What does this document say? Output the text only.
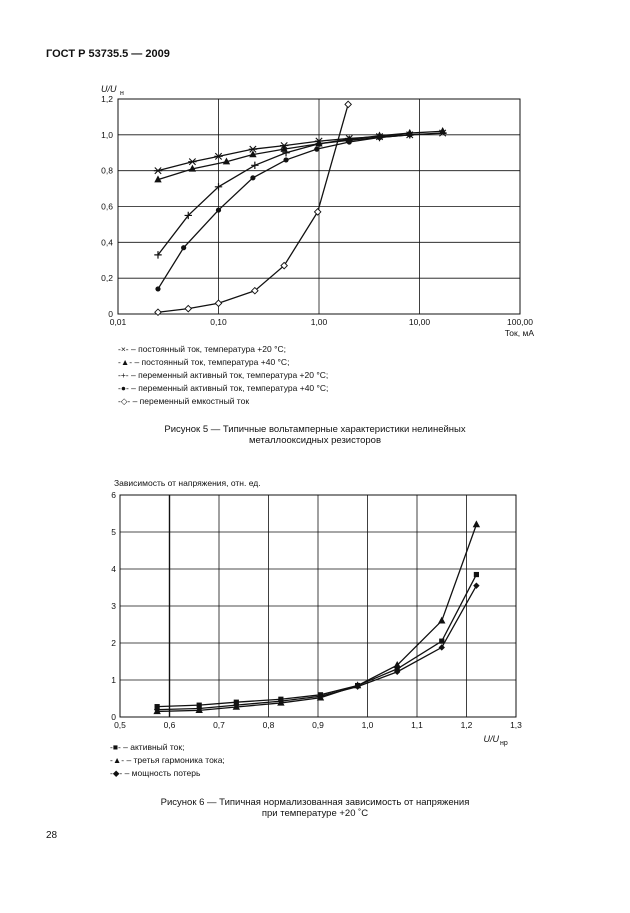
ГОСТ Р 53735.5 — 2009
0
0,2
0,4
0,6
0,8
1,0
1,2
0,01	0,10	1,00	10,00	100,00
U/U н
Ток, мА
0
1
2
3
4
5
6
0,5	0,6	0,7	0,8	0,9	1,0	1,1	1,2	1,3
Зависимость от напряжения, отн. ед.
U/U нр
-×- – постоянный ток, температура +20 °С;
-▲- – постоянный ток, температура +40 °С;
-+- – переменный активный ток, температура +20 °С;
-●- – переменный активный ток, температура +40 °С;
-◇- – переменный емкостный ток
Рисунок 5 — Типичные вольтамперные характеристики нелинейных
металлооксидных резисторов
-■- – активный ток;
-▲- – третья гармоника тока;
-◆- – мощность потерь
Рисунок 6 — Типичная нормализованная зависимость от напряжения
при температуре +20 ˚С
28
